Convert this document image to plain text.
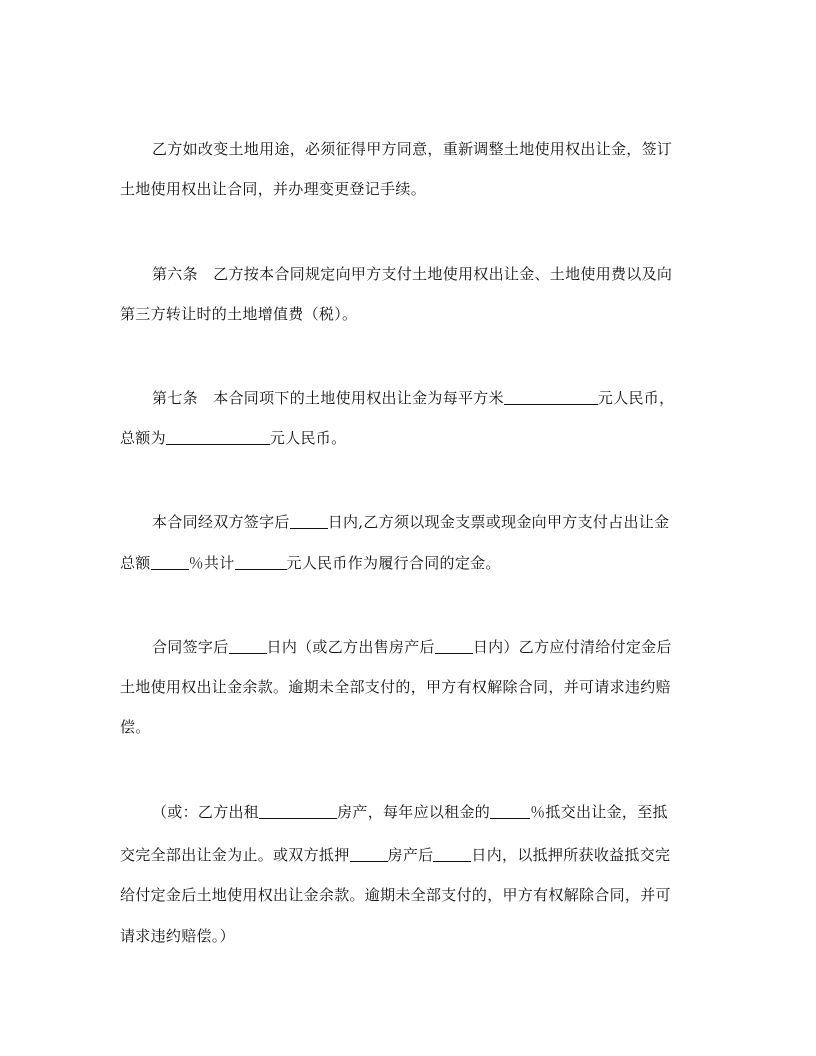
乙方如改变土地用途，必须征得甲方同意，重新调整土地使用权出让金，签订
土地使用权出让合同，并办理变更登记手续。
第六条　乙方按本合同规定向甲方支付土地使用权出让金、土地使用费以及向
第三方转让时的土地增值费（税）。
第七条　本合同项下的土地使用权出让金为每平方米	元人民币，
总额为	元人民币。
本合同经双方签字后	日内,乙方须以现金支票或现金向甲方支付占出让金
总额	％共计	元人民币作为履行合同的定金。
合同签字后	日内（或乙方出售房产后	日内）乙方应付清给付定金后
土地使用权出让金余款。逾期未全部支付的，甲方有权解除合同，并可请求违约赔
偿。
（或：乙方出租	房产，每年应以租金的	％抵交出让金，至抵
交完全部出让金为止。或双方抵押	房产后	日内，以抵押所获收益抵交完
给付定金后土地使用权出让金余款。逾期未全部支付的，甲方有权解除合同，并可
请求违约赔偿。）
